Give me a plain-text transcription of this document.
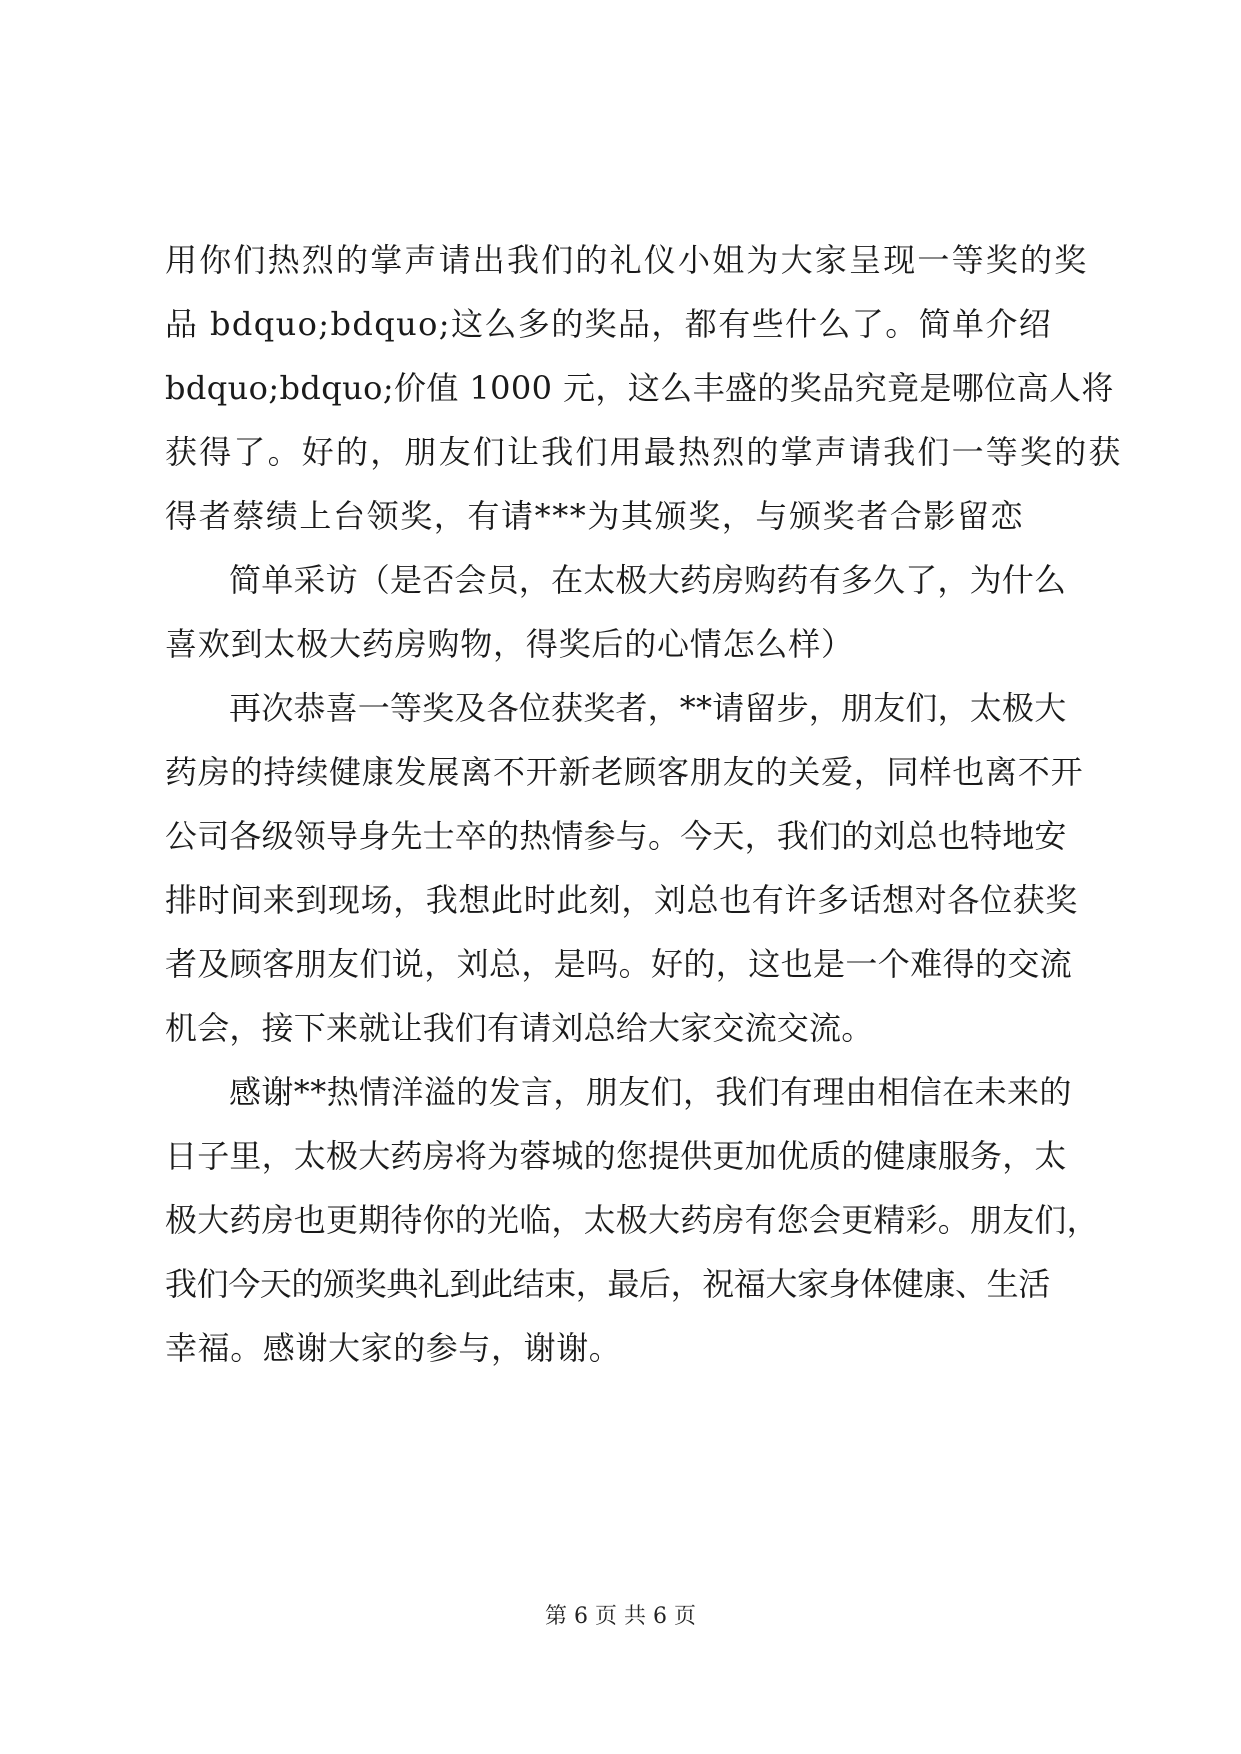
用你们热烈的掌声请出我们的礼仪小姐为大家呈现一等奖的奖
品 bdquo;bdquo;这么多的奖品，都有些什么了。简单介绍
bdquo;bdquo;价值 1000 元，这么丰盛的奖品究竟是哪位高人将
获得了。好的，朋友们让我们用最热烈的掌声请我们一等奖的获
得者蔡绩上台领奖，有请***为其颁奖，与颁奖者合影留恋
简单采访（是否会员，在太极大药房购药有多久了，为什么
喜欢到太极大药房购物，得奖后的心情怎么样）
再次恭喜一等奖及各位获奖者，**请留步，朋友们，太极大
药房的持续健康发展离不开新老顾客朋友的关爱，同样也离不开
公司各级领导身先士卒的热情参与。今天，我们的刘总也特地安
排时间来到现场，我想此时此刻，刘总也有许多话想对各位获奖
者及顾客朋友们说，刘总，是吗。好的，这也是一个难得的交流
机会，接下来就让我们有请刘总给大家交流交流。
感谢**热情洋溢的发言，朋友们，我们有理由相信在未来的
日子里，太极大药房将为蓉城的您提供更加优质的健康服务，太
极大药房也更期待你的光临，太极大药房有您会更精彩。朋友们，
我们今天的颁奖典礼到此结束，最后，祝福大家身体健康、生活
幸福。感谢大家的参与，谢谢。
第 6 页 共 6 页
